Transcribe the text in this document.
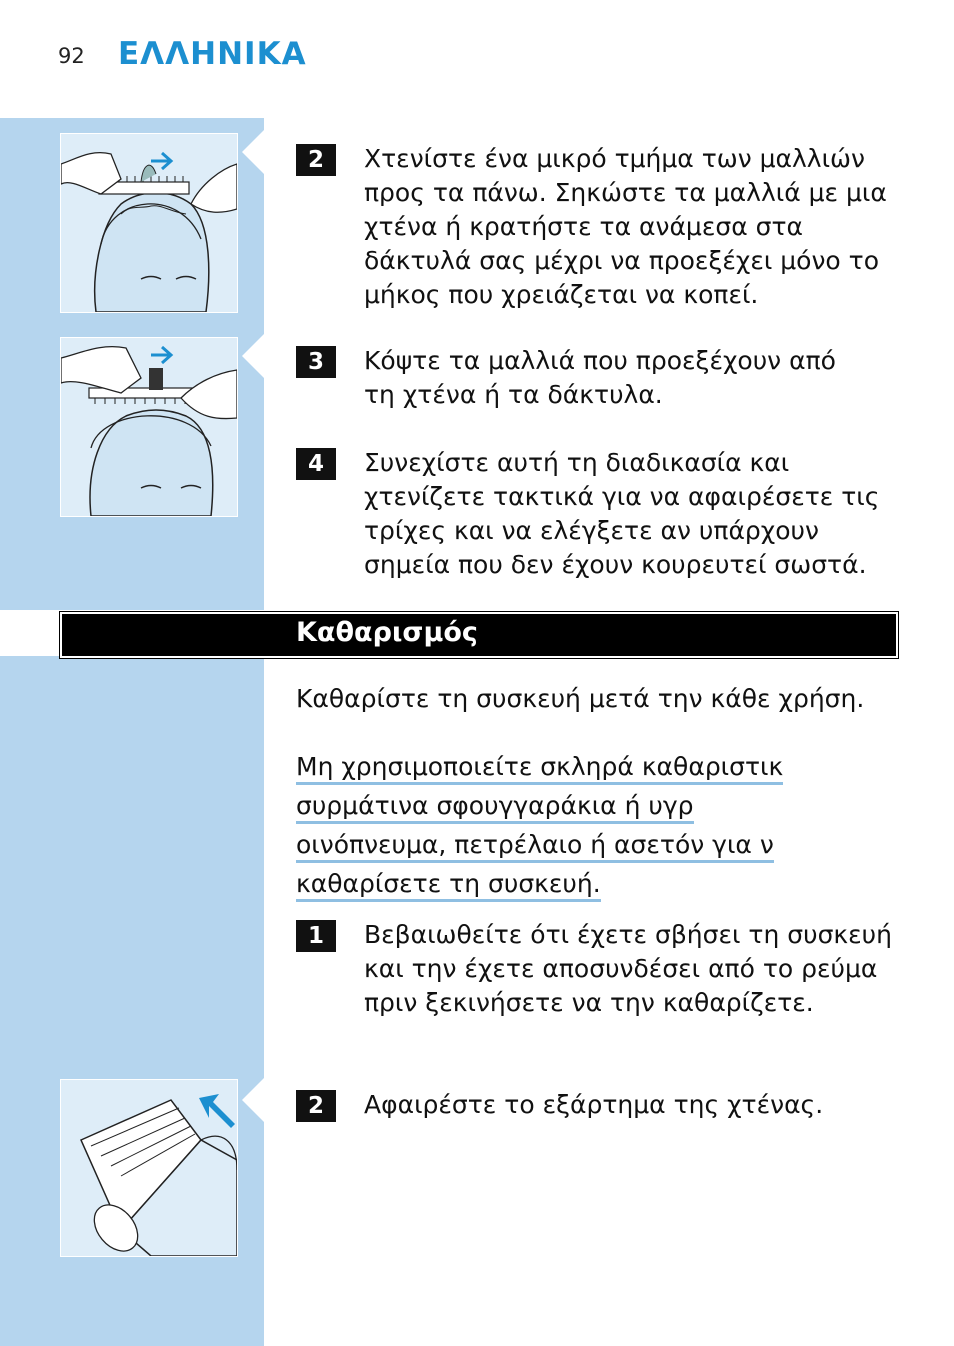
92 ΕΛΛΗΝΙΚΑ
2	Χτενίστε ένα μικρό τμήμα των μαλλιών προς τα πάνω. Σηκώστε τα μαλλιά με μια χτένα ή κρατήστε τα ανάμεσα στα δάκτυλά σας μέχρι να προεξέχει μόνο το μήκος που χρειάζεται να κοπεί.
3	Κόψτε τα μαλλιά που προεξέχουν από τη χτένα ή τα δάκτυλα.
4	Συνεχίστε αυτή τη διαδικασία και χτενίζετε τακτικά για να αφαιρέσετε τις τρίχες και να ελέγξετε αν υπάρχουν σημεία που δεν έχουν κουρευτεί σωστά.
Καθαρισμός
Καθαρίστε τη συσκευή μετά την κάθε χρήση.
Μη χρησιμοποιείτε σκληρά καθαριστικ
συρμάτινα σφουγγαράκια ή υγρ
οινόπνευμα, πετρέλαιο ή ασετόν για ν
καθαρίσετε τη συσκευή.
1	Βεβαιωθείτε ότι έχετε σβήσει τη συσκευή και την έχετε αποσυνδέσει από το ρεύμα πριν ξεκινήσετε να την καθαρίζετε.
2	Αφαιρέστε το εξάρτημα της χτένας.
